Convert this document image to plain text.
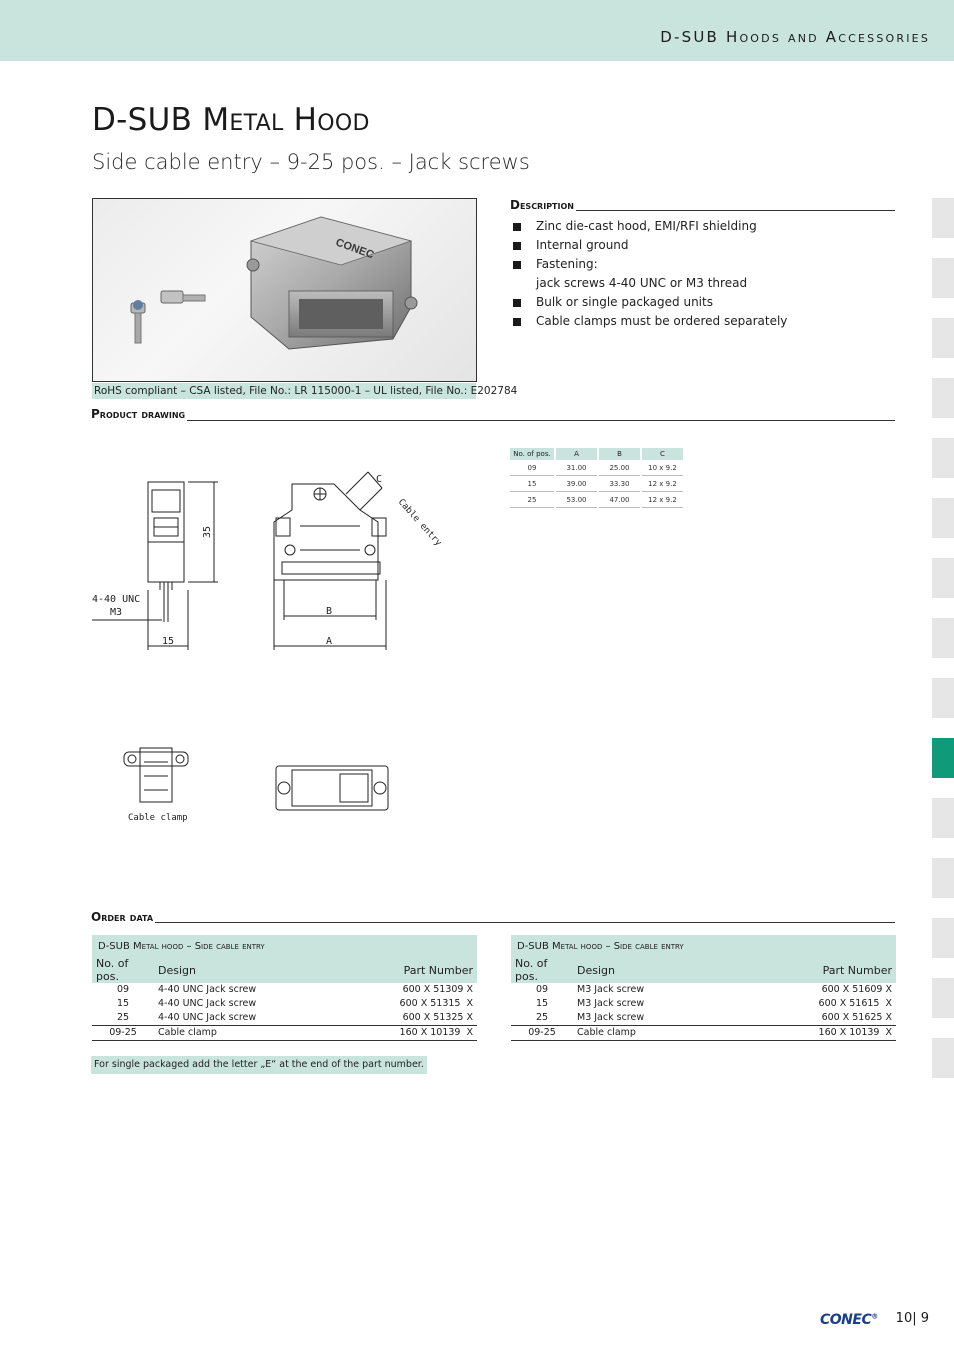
D-SUB Hoods and Accessories
D-SUB Metal Hood
Side cable entry – 9-25 pos. – Jack screws
CONEC
RoHS compliant – CSA listed, File No.: LR 115000-1 – UL listed, File No.: E202784
Description
Zinc die-cast hood, EMI/RFI shielding
Internal ground
Fastening:
jack screws 4-40 UNC or M3 thread
Bulk or single packaged units
Cable clamps must be ordered separately
Product drawing
35
4-40 UNC
M3
15
B
A
C
Cable entry
Cable clamp
No. of pos.	A	B	C
09	31.00	25.00	10 x 9.2
15	39.00	33.30	12 x 9.2
25	53.00	47.00	12 x 9.2
Order data
D-SUB Metal hood – Side cable entry		
No. of pos.	Design	Part Number
09	4-40 UNC Jack screw	600 X 51309 X
15	4-40 UNC Jack screw	600 X 51315  X
25	4-40 UNC Jack screw	600 X 51325 X
09-25	Cable clamp	160 X 10139  X
D-SUB Metal hood – Side cable entry		
No. of pos.	Design	Part Number
09	M3 Jack screw	600 X 51609 X
15	M3 Jack screw	600 X 51615  X
25	M3 Jack screw	600 X 51625 X
09-25	Cable clamp	160 X 10139  X
For single packaged add the letter „E“ at the end of the part number.
CONEC® 10| 9
